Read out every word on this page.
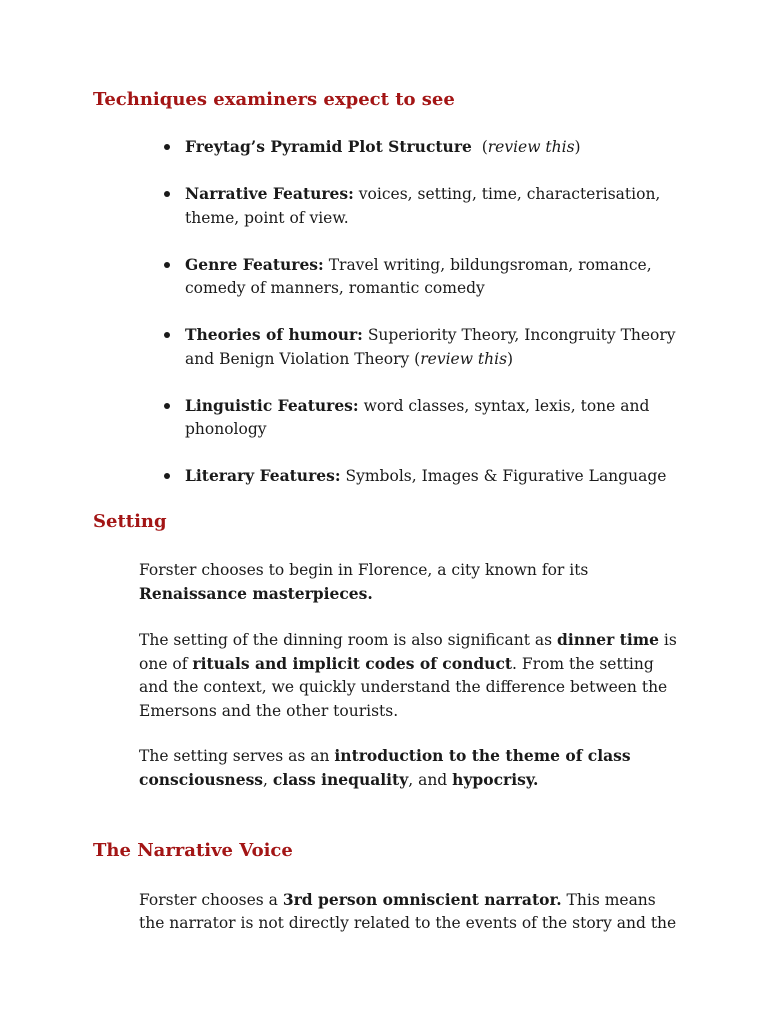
Techniques examiners expect to see
Freytag’s Pyramid Plot Structure  (review this)
Narrative Features: voices, setting, time, characterisation, theme, point of view.
Genre Features: Travel writing, bildungsroman, romance, comedy of manners, romantic comedy
Theories of humour: Superiority Theory, Incongruity Theory and Benign Violation Theory (review this)
Linguistic Features: word classes, syntax, lexis, tone and phonology
Literary Features: Symbols, Images & Figurative Language
Setting

Forster chooses to begin in Florence, a city known for its Renaissance masterpieces.

The setting of the dinning room is also significant as dinner time is one of rituals and implicit codes of conduct. From the setting and the context, we quickly understand the difference between the Emersons and the other tourists.

The setting serves as an introduction to the theme of class consciousness, class inequality, and hypocrisy.

The Narrative Voice

Forster chooses a 3rd person omniscient narrator. This means the narrator is not directly related to the events of the story and the
